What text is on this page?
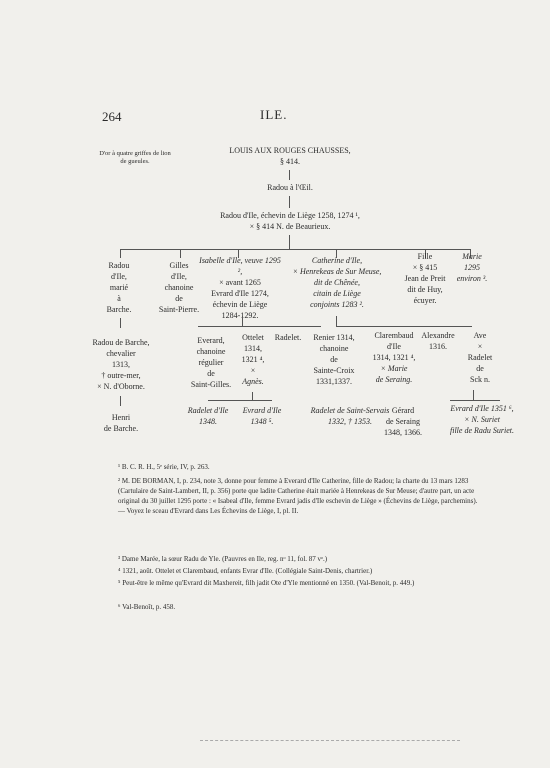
264	ILE.
D'or à quatre griffes de lion de gueules.
LOUIS AUX ROUGES CHAUSSES,
§ 414.
Radou à l'Œil.
Radou d'Ile, échevin de Liège 1258, 1274 ¹,
× § 414 N. de Beaurieux.
Radou
d'Ile,
marié
à
Barche.
Gilles
d'Ile,
chanoine
de
Saint-Pierre.
Isabelle d'Ile, veuve 1295 ²,
× avant 1265
Evrard d'Ile 1274,
échevin de Liège
1284-1292.
Catherine d'Ile,
× Henrekeas de Sur Meuse,
dit de Chênée,
citain de Liège
conjoints 1283 ².
Fille
× § 415
Jean de Preit
dit de Huy,
écuyer.
Marie
1295
environ ³.
Radou de Barche,
chevalier
1313,
† outre-mer,
× N. d'Oborne.
Everard,
chanoine
régulier
de
Saint-Gilles.
Ottelet
1314,
1321 ⁴,
×
Agnès.
Radelet.	Renier 1314,
chanoine
de
Sainte-Croix
1331,1337.
Clarembaud
d'Ile
1314, 1321 ⁴,
× Marie
de Seraing.
Alexandre
1316.
Ave
×
Radelet
de
Sck n.
Henri
de Barche.
Radelet d'Ile
1348.
Evrard d'Ile
1348 ⁵.
Radelet de Saint-Servais
1332, † 1353.
Gérard
de Seraing
1348, 1366.
Evrard d'Ile 1351 ⁶,
× N. Suriet
fille de Radu Suriet.
¹ B. C. R. H., 5ᵉ série, IV, p. 263.
² M. DE BORMAN, I, p. 234, note 3, donne pour femme à Everard d'Ile Catherine, fille de Radou; la charte du 13 mars 1283 (Cartulaire de Saint-Lambert, II, p. 356) porte que ladite Catherine était mariée à Henrekeas de Sur Meuse; d'autre part, un acte original du 30 juillet 1295 porte : « Isabeal d'Ile, femme Evrard jadis d'Ile eschevin de Liège » (Échevins de Liège, parchemins). — Voyez le sceau d'Evrard dans Les Échevins de Liège, I, pl. II.
³ Dame Marée, la sœur Radu de Yle. (Pauvres en Ile, reg. nᵒ 11, fol. 87 vᵒ.)
⁴ 1321, août. Ottelet et Clarembaud, enfants Evrar d'Ile. (Collégiale Saint-Denis, chartrier.)
⁵ Peut-être le même qu'Evrard dit Maxhereit, filh jadit Ote d'Yle mentionné en 1350. (Val-Benoit, p. 449.)
⁶ Val-Benoît, p. 458.
